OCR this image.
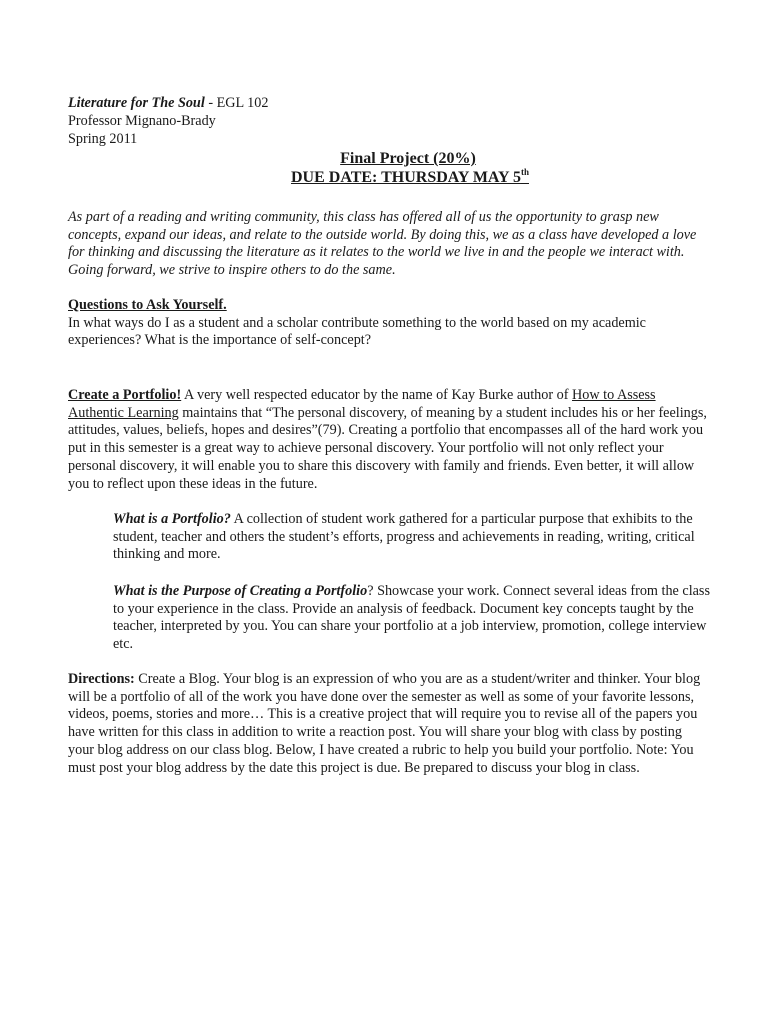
Literature for The Soul - EGL 102
Professor Mignano-Brady
Spring 2011
Final Project (20%)
DUE DATE: THURSDAY MAY 5th
As part of a reading and writing community, this class has offered all of us the opportunity to grasp new concepts, expand our ideas, and relate to the outside world. By doing this, we as a class have developed a love for thinking and discussing the literature as it relates to the world we live in and the people we interact with. Going forward, we strive to inspire others to do the same.
Questions to Ask Yourself.
In what ways do I as a student and a scholar contribute something to the world based on my academic experiences? What is the importance of self-concept?
Create a Portfolio! A very well respected educator by the name of Kay Burke author of How to Assess Authentic Learning maintains that “The personal discovery, of meaning by a student includes his or her feelings, attitudes, values, beliefs, hopes and desires”(79). Creating a portfolio that encompasses all of the hard work you put in this semester is a great way to achieve personal discovery. Your portfolio will not only reflect your personal discovery, it will enable you to share this discovery with family and friends. Even better, it will allow you to reflect upon these ideas in the future.
What is a Portfolio? A collection of student work gathered for a particular purpose that exhibits to the student, teacher and others the student’s efforts, progress and achievements in reading, writing, critical thinking and more.
What is the Purpose of Creating a Portfolio? Showcase your work. Connect several ideas from the class to your experience in the class. Provide an analysis of feedback. Document key concepts taught by the teacher, interpreted by you. You can share your portfolio at a job interview, promotion, college interview etc.
Directions: Create a Blog. Your blog is an expression of who you are as a student/writer and thinker. Your blog will be a portfolio of all of the work you have done over the semester as well as some of your favorite lessons, videos, poems, stories and more… This is a creative project that will require you to revise all of the papers you have written for this class in addition to write a reaction post. You will share your blog with class by posting your blog address on our class blog. Below, I have created a rubric to help you build your portfolio. Note: You must post your blog address by the date this project is due. Be prepared to discuss your blog in class.
